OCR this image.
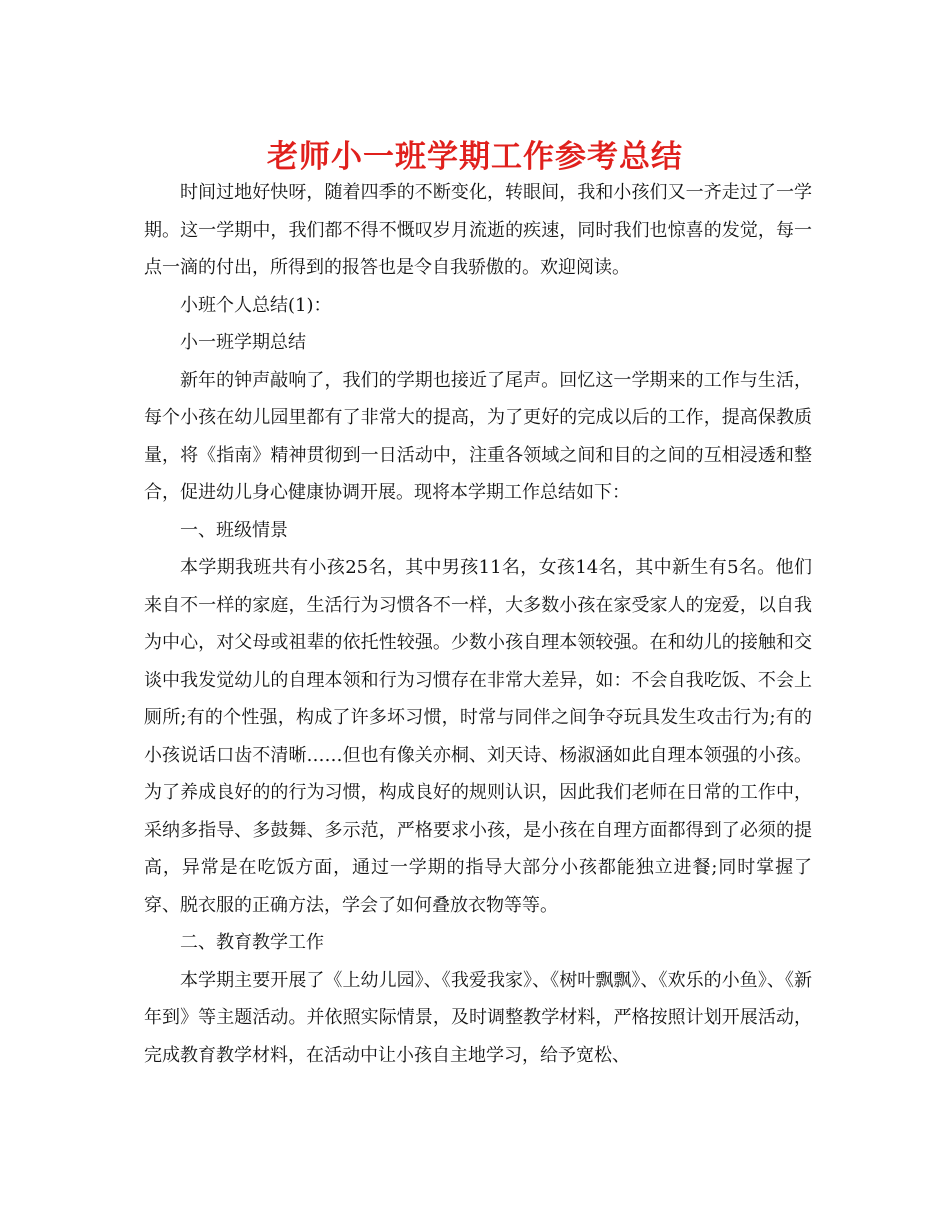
老师小一班学期工作参考总结

时间过地好快呀，随着四季的不断变化，转眼间，我和小孩们又一齐走过了一学期。这一学期中，我们都不得不慨叹岁月流逝的疾速，同时我们也惊喜的发觉，每一点一滴的付出，所得到的报答也是令自我骄傲的。欢迎阅读。

小班个人总结(1)：

小一班学期总结

新年的钟声敲响了，我们的学期也接近了尾声。回忆这一学期来的工作与生活，每个小孩在幼儿园里都有了非常大的提高，为了更好的完成以后的工作，提高保教质量，将《指南》精神贯彻到一日活动中，注重各领域之间和目的之间的互相浸透和整合，促进幼儿身心健康协调开展。现将本学期工作总结如下：

一、班级情景

本学期我班共有小孩25名，其中男孩11名，女孩14名，其中新生有5名。他们来自不一样的家庭，生活行为习惯各不一样，大多数小孩在家受家人的宠爱，以自我为中心，对父母或祖辈的依托性较强。少数小孩自理本领较强。在和幼儿的接触和交谈中我发觉幼儿的自理本领和行为习惯存在非常大差异，如：不会自我吃饭、不会上厕所;有的个性强，构成了许多坏习惯，时常与同伴之间争夺玩具发生攻击行为;有的小孩说话口齿不清晰……但也有像关亦桐、刘天诗、杨淑涵如此自理本领强的小孩。为了养成良好的的行为习惯，构成良好的规则认识，因此我们老师在日常的工作中，采纳多指导、多鼓舞、多示范，严格要求小孩，是小孩在自理方面都得到了必须的提高，异常是在吃饭方面，通过一学期的指导大部分小孩都能独立进餐;同时掌握了穿、脱衣服的正确方法，学会了如何叠放衣物等等。

二、教育教学工作

本学期主要开展了《上幼儿园》、《我爱我家》、《树叶飘飘》、《欢乐的小鱼》、《新年到》等主题活动。并依照实际情景，及时调整教学材料，严格按照计划开展活动，完成教育教学材料，在活动中让小孩自主地学习，给予宽松、
